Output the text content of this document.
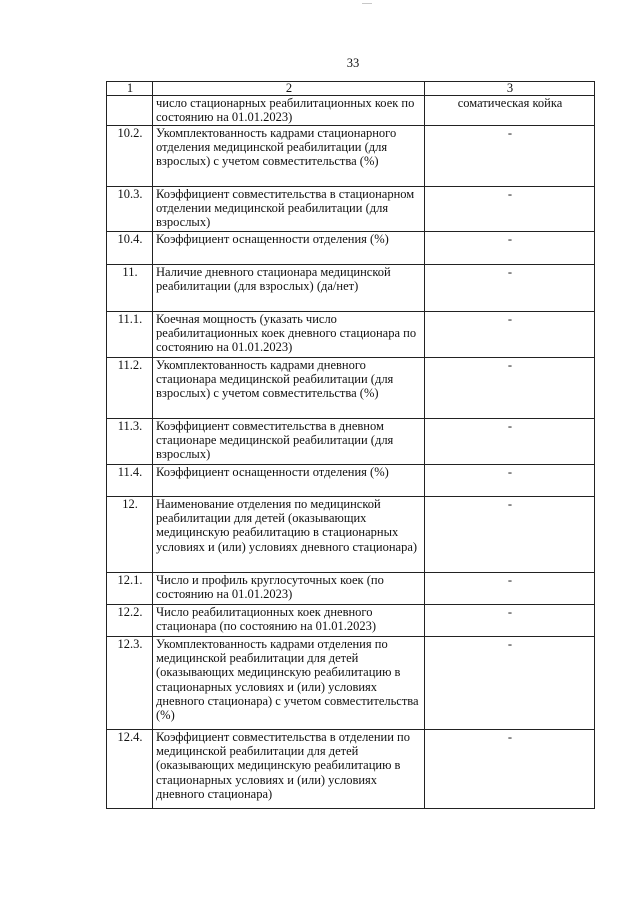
33
1	2	3
	число стационарных реабилитационных коек по состоянию на 01.01.2023)	соматическая койка
10.2.	Укомплектованность кадрами стационарного отделения медицинской реабилитации (для взрослых) с учетом совместительства (%)	-
10.3.	Коэффициент совместительства в стационарном отделении медицинской реабилитации (для взрослых)	-
10.4.	Коэффициент оснащенности отделения (%)	-
11.	Наличие дневного стационара медицинской реабилитации (для взрослых) (да/нет)	-
11.1.	Коечная мощность (указать число реабилитационных коек дневного стационара по состоянию на 01.01.2023)	-
11.2.	Укомплектованность кадрами дневного стационара медицинской реабилитации (для взрослых) с учетом совместительства (%)	-
11.3.	Коэффициент совместительства в дневном стационаре медицинской реабилитации (для взрослых)	-
11.4.	Коэффициент оснащенности отделения (%)	-
12.	Наименование отделения по медицинской реабилитации для детей (оказывающих медицинскую реабилитацию в стационарных условиях и (или) условиях дневного стационара)	-
12.1.	Число и профиль круглосуточных коек (по состоянию на 01.01.2023)	-
12.2.	Число реабилитационных коек дневного стационара (по состоянию на 01.01.2023)	-
12.3.	Укомплектованность кадрами отделения по медицинской реабилитации для детей (оказывающих медицинскую реабилитацию в стационарных условиях и (или) условиях дневного стационара) с учетом совместительства (%)	-
12.4.	Коэффициент совместительства в отделении по медицинской реабилитации для детей (оказывающих медицинскую реабилитацию в стационарных условиях и (или) условиях дневного стационара)	-
